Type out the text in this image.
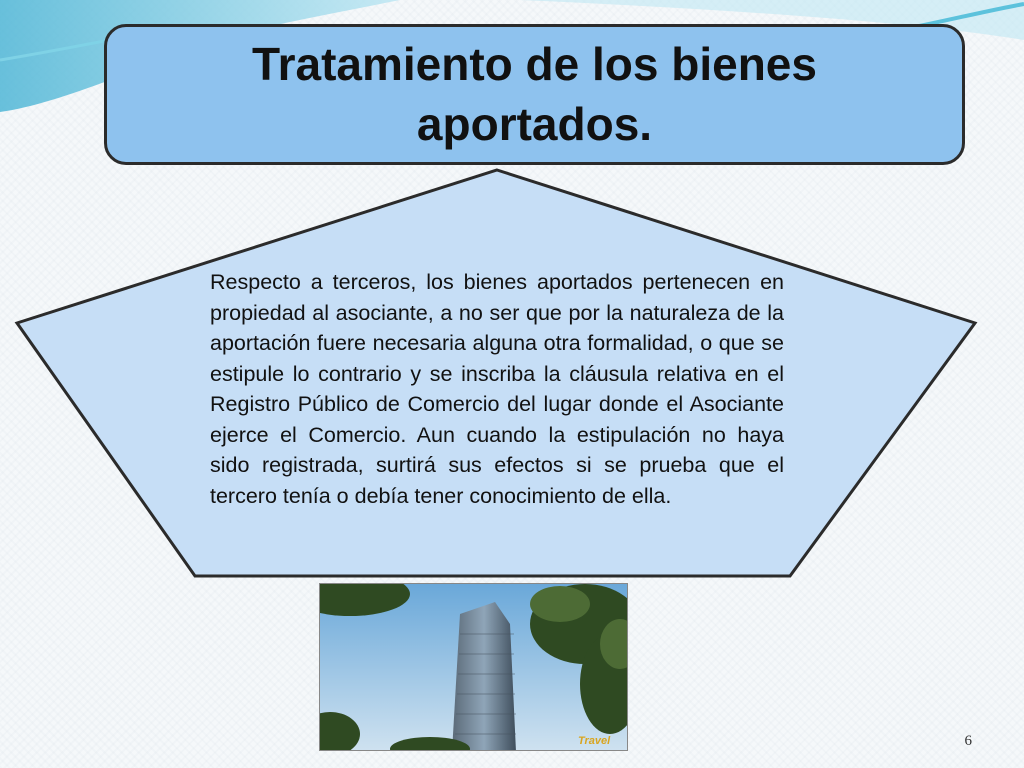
Tratamiento de los bienes aportados.
Respecto a terceros, los bienes aportados pertenecen en propiedad al asociante, a no ser que por la naturaleza de la aportación fuere necesaria alguna otra formalidad, o que se estipule lo contrario y se inscriba la cláusula relativa en el Registro Público de Comercio del lugar donde el Asociante ejerce el Comercio. Aun cuando la estipulación no haya sido registrada, surtirá sus efectos si se prueba que el tercero tenía o debía tener conocimiento de ella.
Travel	6
